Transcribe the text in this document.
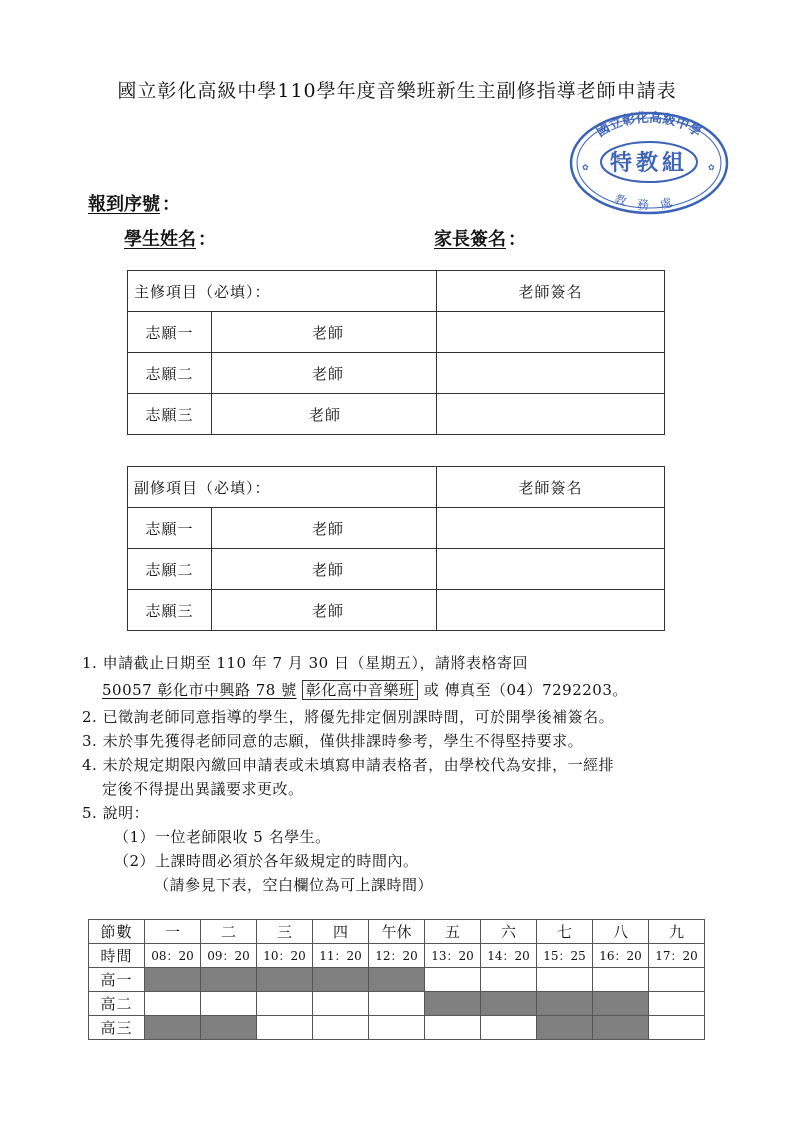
國立彰化高級中學110學年度音樂班新生主副修指導老師申請表
國立彰化高級中學
特教組
教務處
✿	✿
報到序號 ：
學生姓名 ：	家長簽名 ：
主修項目（必填）：		老師簽名
志願一	老師	
志願二	老師	
志願三	老師	
副修項目（必填）：		老師簽名
志願一	老師	
志願二	老師	
志願三	老師	
1. 申請截止日期至 110 年 7 月 30 日（星期五），請將表格寄回
50057 彰化市中興路 78 號 彰化高中音樂班 或 傳真至（04）7292203。
2. 已徵詢老師同意指導的學生，將優先排定個別課時間，可於開學後補簽名。
3. 未於事先獲得老師同意的志願，僅供排課時參考，學生不得堅持要求。
4. 未於規定期限內繳回申請表或未填寫申請表格者，由學校代為安排，一經排
定後不得提出異議要求更改。
5. 說明：
（1）一位老師限收 5 名學生。
（2）上課時間必須於各年級規定的時間內。
（請參見下表，空白欄位為可上課時間）
節數	一	二	三	四	午休	五	六	七	八	九
時間	08：20	09：20	10：20	11：20	12：20	13：20	14：20	15：25	16：20	17：20
高一										
高二										
高三										
